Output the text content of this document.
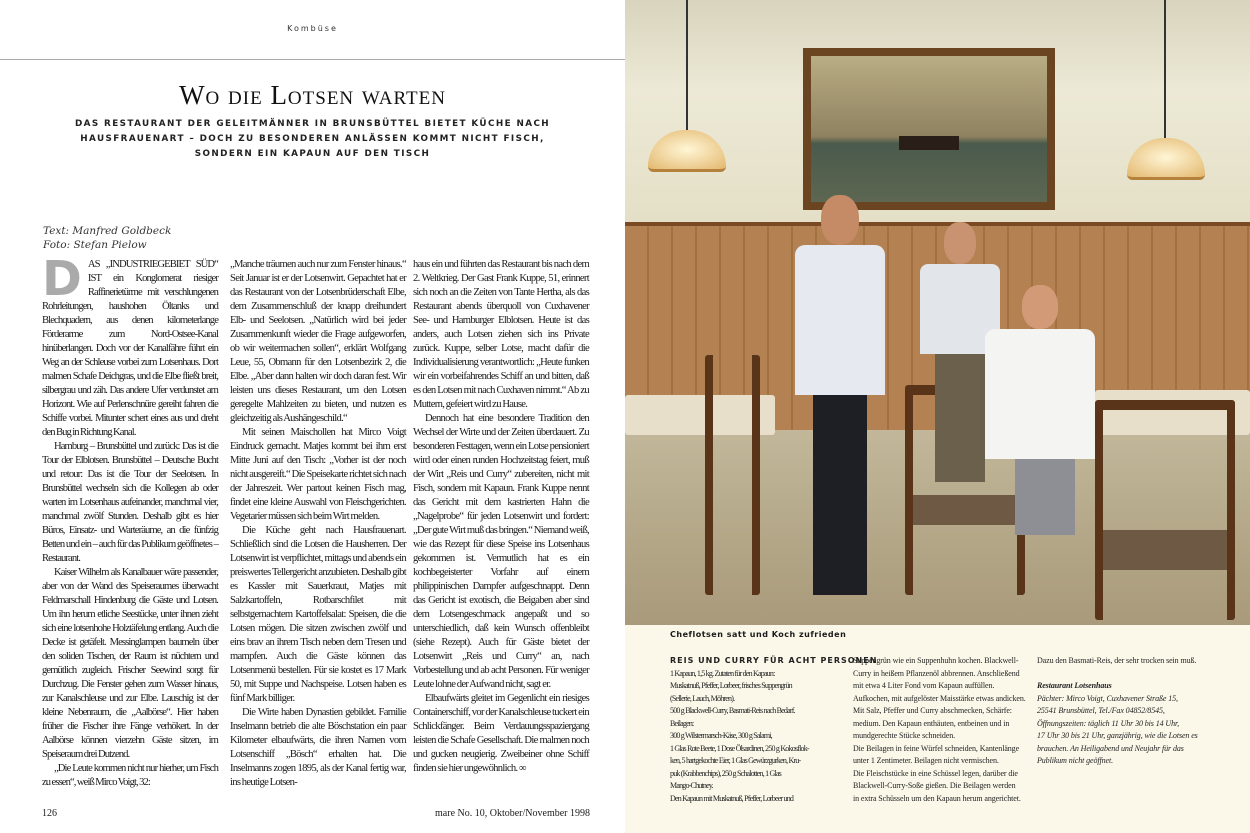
Kombüse
Wo die Lotsen warten
DAS RESTAURANT DER GELEITMÄNNER IN BRUNSBÜTTEL BIETET KÜCHE NACH HAUSFRAUENART – DOCH ZU BESONDEREN ANLÄSSEN KOMMT NICHT FISCH, SONDERN EIN KAPAUN AUF DEN TISCH
Text: Manfred Goldbeck
Foto: Stefan Pielow

DAS „INDUSTRIEGEBIET SÜD“ IST ein Konglomerat riesiger Raffinerietürme mit verschlungenen Rohrleitungen, haushohen Öltanks und Blechquadern, aus denen kilometerlange Förderarme zum Nord-Ostsee-Kanal hinüberlangen. Doch vor der Kanalfähre führt ein Weg an der Schleuse vorbei zum Lotsenhaus. Dort malmen Schafe Deichgras, und die Elbe fließt breit, silbergrau und zäh. Das andere Ufer verdunstet am Horizont. Wie auf Perlenschnüre gereiht fahren die Schiffe vorbei. Mitunter schert eines aus und dreht den Bug in Richtung Kanal.

Hamburg – Brunsbüttel und zurück: Das ist die Tour der Elblotsen. Brunsbüttel – Deutsche Bucht und retour: Das ist die Tour der Seelotsen. In Brunsbüttel wechseln sich die Kollegen ab oder warten im Lotsenhaus aufeinander, manchmal vier, manchmal zwölf Stunden. Deshalb gibt es hier Büros, Einsatz- und Warteräume, an die fünfzig Betten und ein – auch für das Publikum geöffnetes – Restaurant.

Kaiser Wilhelm als Kanalbauer wäre passender, aber von der Wand des Speiseraumes überwacht Feldmarschall Hindenburg die Gäste und Lotsen. Um ihn herum etliche Seestücke, unter ihnen zieht sich eine lotsenhohe Holztäfelung entlang. Auch die Decke ist getäfelt. Messinglampen baumeln über den soliden Tischen, der Raum ist nüchtern und gemütlich zugleich. Frischer Seewind sorgt für Durchzug. Die Fenster gehen zum Wasser hinaus, zur Kanalschleuse und zur Elbe. Lauschig ist der kleine Nebenraum, die „Aalbörse“. Hier haben früher die Fischer ihre Fänge verhökert. In der Aalbörse können vierzehn Gäste sitzen, im Speiseraum drei Dutzend.

„Die Leute kommen nicht nur hierher, um Fisch zu essen“, weiß Mirco Voigt, 32:

„Manche träumen auch nur zum Fenster hinaus.“ Seit Januar ist er der Lotsenwirt. Gepachtet hat er das Restaurant von der Lotsenbrüderschaft Elbe, dem Zusammenschluß der knapp dreihundert Elb- und Seelotsen. „Natürlich wird bei jeder Zusammenkunft wieder die Frage aufgeworfen, ob wir weitermachen sollen“, erklärt Wolfgang Leue, 55, Obmann für den Lotsenbezirk 2, die Elbe. „Aber dann halten wir doch daran fest. Wir leisten uns dieses Restaurant, um den Lotsen geregelte Mahlzeiten zu bieten, und nutzen es gleichzeitig als Aushängeschild.“

Mit seinen Maischollen hat Mirco Voigt Eindruck gemacht. Matjes kommt bei ihm erst Mitte Juni auf den Tisch: „Vorher ist der noch nicht ausgereift.“ Die Speisekarte richtet sich nach der Jahreszeit. Wer partout keinen Fisch mag, findet eine kleine Auswahl von Fleischgerichten. Vegetarier müssen sich beim Wirt melden.

Die Küche geht nach Hausfrauenart. Schließlich sind die Lotsen die Hausherren. Der Lotsenwirt ist verpflichtet, mittags und abends ein preiswertes Tellergericht anzubieten. Deshalb gibt es Kassler mit Sauerkraut, Matjes mit Salzkartoffeln, Rotbarschfilet mit selbstgemachtem Kartoffelsalat: Speisen, die die Lotsen mögen. Die sitzen zwischen zwölf und eins brav an ihrem Tisch neben dem Tresen und mampfen. Auch die Gäste können das Lotsenmenü bestellen. Für sie kostet es 17 Mark 50, mit Suppe und Nachspeise. Lotsen haben es fünf Mark billiger.

Die Wirte haben Dynastien gebildet. Familie Inselmann betrieb die alte Böschstation ein paar Kilometer elbaufwärts, die ihren Namen vom Lotsenschiff „Bösch“ erhalten hat. Die Inselmanns zogen 1895, als der Kanal fertig war, ins heutige Lotsen-

haus ein und führten das Restaurant bis nach dem 2. Weltkrieg. Der Gast Frank Kuppe, 51, erinnert sich noch an die Zeiten von Tante Hertha, als das Restaurant abends überquoll von Cuxhavener See- und Hamburger Elblotsen. Heute ist das anders, auch Lotsen ziehen sich ins Private zurück. Kuppe, selber Lotse, macht dafür die Individualisierung verantwortlich: „Heute funken wir ein vorbeifahrendes Schiff an und bitten, daß es den Lotsen mit nach Cuxhaven nimmt.“ Ab zu Muttern, gefeiert wird zu Hause.

Dennoch hat eine besondere Tradition den Wechsel der Wirte und der Zeiten überdauert. Zu besonderen Festtagen, wenn ein Lotse pensioniert wird oder einen runden Hochzeitstag feiert, muß der Wirt „Reis und Curry“ zubereiten, nicht mit Fisch, sondern mit Kapaun. Frank Kuppe nennt das Gericht mit dem kastrierten Hahn die „Nagelprobe“ für jeden Lotsenwirt und fordert: „Der gute Wirt muß das bringen.“ Niemand weiß, wie das Rezept für diese Speise ins Lotsenhaus gekommen ist. Vermutlich hat es ein kochbegeisterter Vorfahr auf einem philippinischen Dampfer aufgeschnappt. Denn das Gericht ist exotisch, die Beigaben aber sind dem Lotsengeschmack angepaßt und so unterschiedlich, daß kein Wunsch offenbleibt (siehe Rezept). Auch für Gäste bietet der Lotsenwirt „Reis und Curry“ an, nach Vorbestellung und ab acht Personen. Für weniger Leute lohne der Aufwand nicht, sagt er.

Elbaufwärts gleitet im Gegenlicht ein riesiges Containerschiff, vor der Kanalschleuse tuckert ein Schlickfänger. Beim Verdauungsspaziergang leisten die Schafe Gesellschaft. Die malmen noch und gucken neugierig. Zweibeiner ohne Schiff finden sie hier ungewöhnlich. ∞

126	mare No. 10, Oktober/November 1998
Cheflotsen satt und Koch zufrieden
REIS UND CURRY FÜR ACHT PERSONEN
1 Kapaun, 1,5 kg. Zutaten für den Kapaun:
Muskatnuß, Pfeffer, Lorbeer, frisches Suppengrün
(Sellerie, Lauch, Möhren).
500 g Blackwell-Curry, Basmati-Reis nach Bedarf.
Beilagen:
300 g Wilstermarsch-Käse, 300 g Salami,
1 Glas Rote Beete, 1 Dose Ölsardinen, 250 g Kokosflok-
ken, 5 hartgekochte Eier, 1 Glas Gewürzgurken, Kru-
puk (Krabbenchips), 250 g Schalotten, 1 Glas
Mango-Chutney.
Den Kapaun mit Muskatnuß, Pfeffer, Lorbeer und
Suppengrün wie ein Suppenhuhn kochen. Blackwell-
Curry in heißem Pflanzenöl abbrennen. Anschließend
mit etwa 4 Liter Fond vom Kapaun auffüllen.
Aufkochen, mit aufgelöster Maisstärke etwas andicken.
Mit Salz, Pfeffer und Curry abschmecken, Schärfe:
medium. Den Kapaun enthäuten, entbeinen und in
mundgerechte Stücke schneiden.
Die Beilagen in feine Würfel schneiden, Kantenlänge
unter 1 Zentimeter. Beilagen nicht vermischen.
Die Fleischstücke in eine Schüssel legen, darüber die
Blackwell-Curry-Soße gießen. Die Beilagen werden
in extra Schüsseln um den Kapaun herum angerichtet.
Dazu den Basmati-Reis, der sehr trocken sein muß.
Restaurant Lotsenhaus
Pächter: Mirco Voigt, Cuxhavener Straße 15,
25541 Brunsbüttel, Tel./Fax 04852/8545,
Öffnungszeiten: täglich 11 Uhr 30 bis 14 Uhr,
17 Uhr 30 bis 21 Uhr, ganzjährig, wie die Lotsen es
brauchen. An Heiligabend und Neujahr für das
Publikum nicht geöffnet.
